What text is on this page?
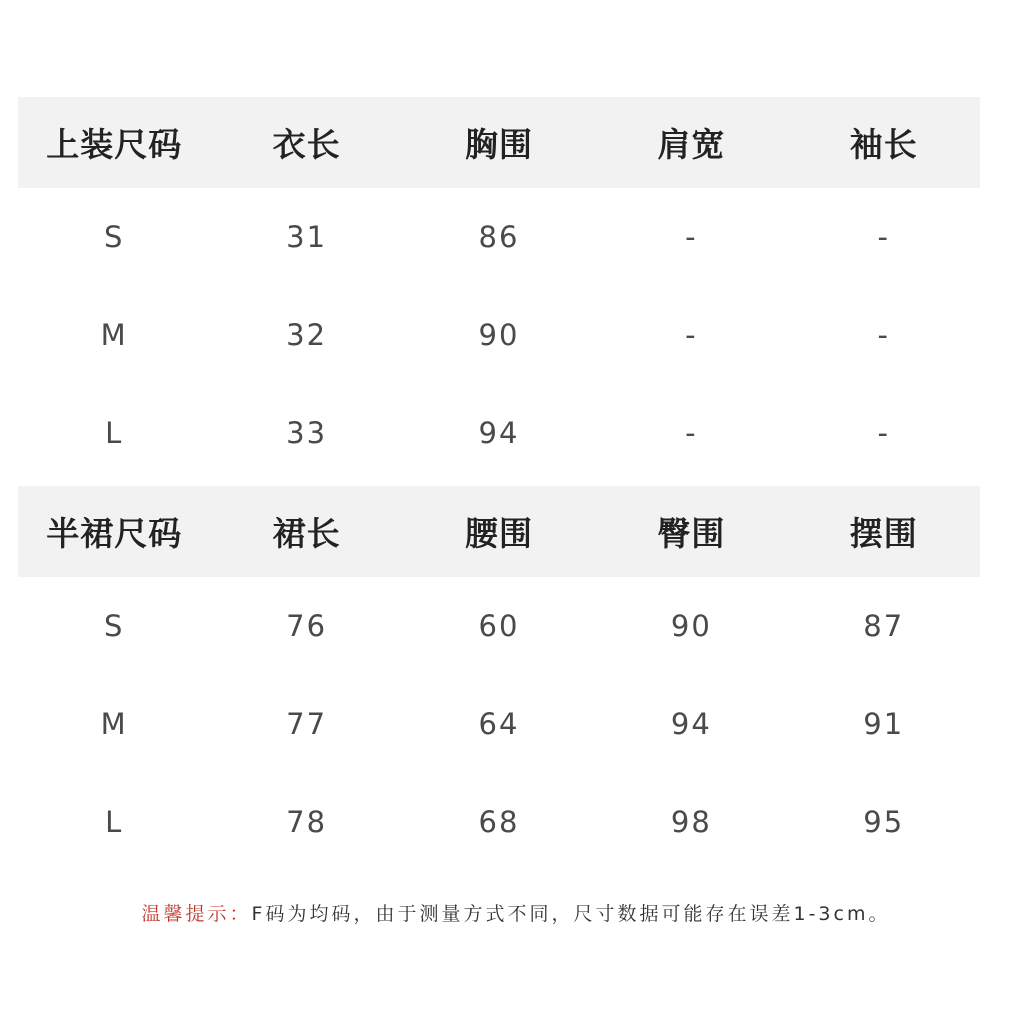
上装尺码	衣长	胸围	肩宽	袖长
S	31	86	-	-
M	32	90	-	-
L	33	94	-	-
半裙尺码	裙长	腰围	臀围	摆围
S	76	60	90	87
M	77	64	94	91
L	78	68	98	95
温馨提示：F码为均码，由于测量方式不同，尺寸数据可能存在误差1-3cm。
